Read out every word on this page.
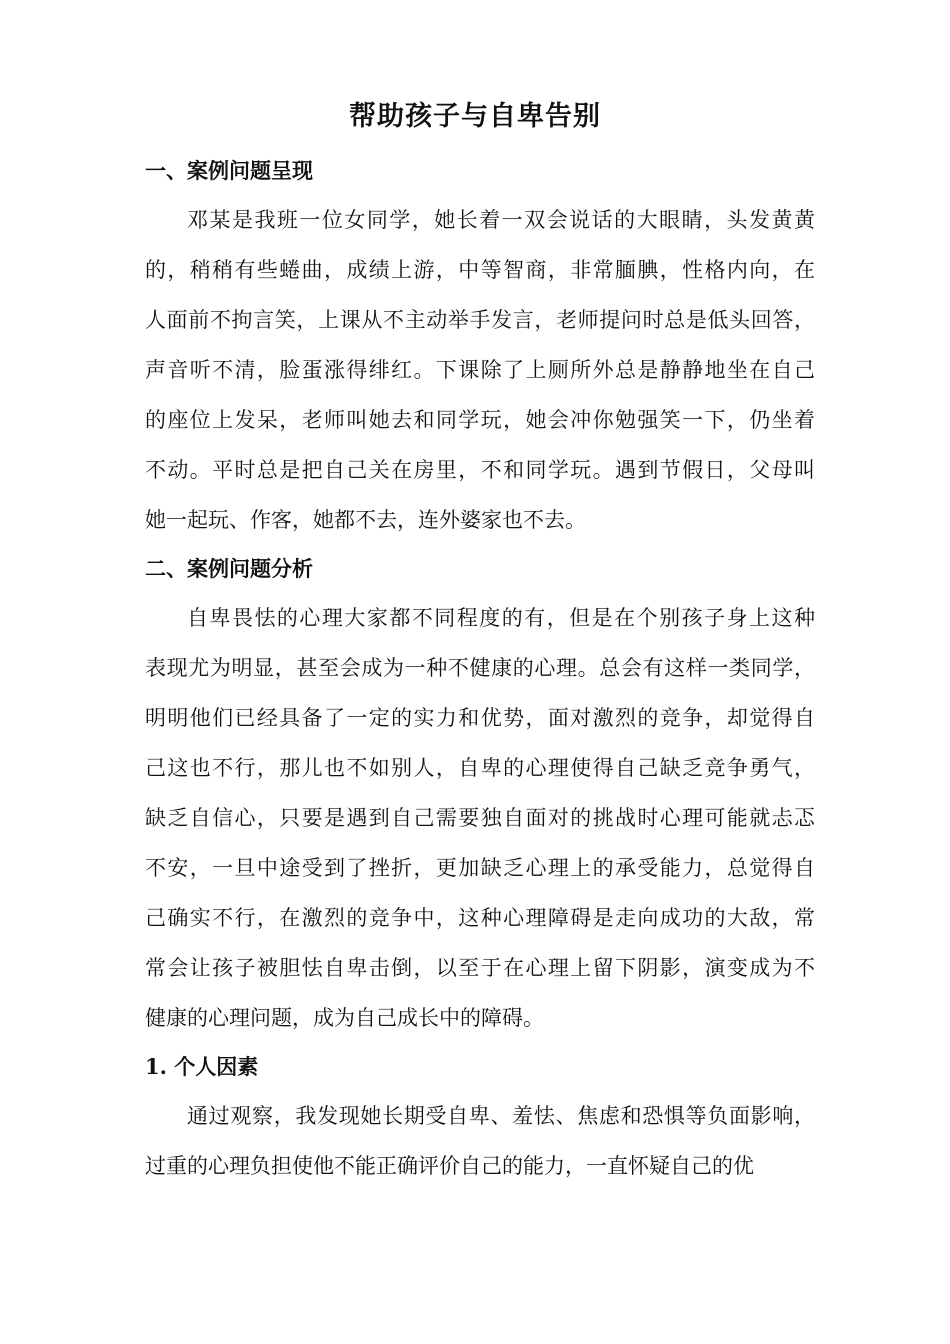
帮助孩子与自卑告别
一、案例问题呈现
邓某是我班一位女同学，她长着一双会说话的大眼睛，头发黄黄
的，稍稍有些蜷曲，成绩上游，中等智商，非常腼腆，性格内向，在
人面前不拘言笑，上课从不主动举手发言，老师提问时总是低头回答，
声音听不清，脸蛋涨得绯红。下课除了上厕所外总是静静地坐在自己
的座位上发呆，老师叫她去和同学玩，她会冲你勉强笑一下，仍坐着
不动。平时总是把自己关在房里，不和同学玩。遇到节假日，父母叫
她一起玩、作客，她都不去，连外婆家也不去。
二、案例问题分析
自卑畏怯的心理大家都不同程度的有，但是在个别孩子身上这种
表现尤为明显，甚至会成为一种不健康的心理。总会有这样一类同学，
明明他们已经具备了一定的实力和优势，面对激烈的竞争，却觉得自
己这也不行，那儿也不如别人，自卑的心理使得自己缺乏竞争勇气，
缺乏自信心，只要是遇到自己需要独自面对的挑战时心理可能就忐忑
不安，一旦中途受到了挫折，更加缺乏心理上的承受能力，总觉得自
己确实不行，在激烈的竞争中，这种心理障碍是走向成功的大敌，常
常会让孩子被胆怯自卑击倒，以至于在心理上留下阴影，演变成为不
健康的心理问题，成为自己成长中的障碍。
1. 个人因素
通过观察，我发现她长期受自卑、羞怯、焦虑和恐惧等负面影响，
过重的心理负担使他不能正确评价自己的能力，一直怀疑自己的优
